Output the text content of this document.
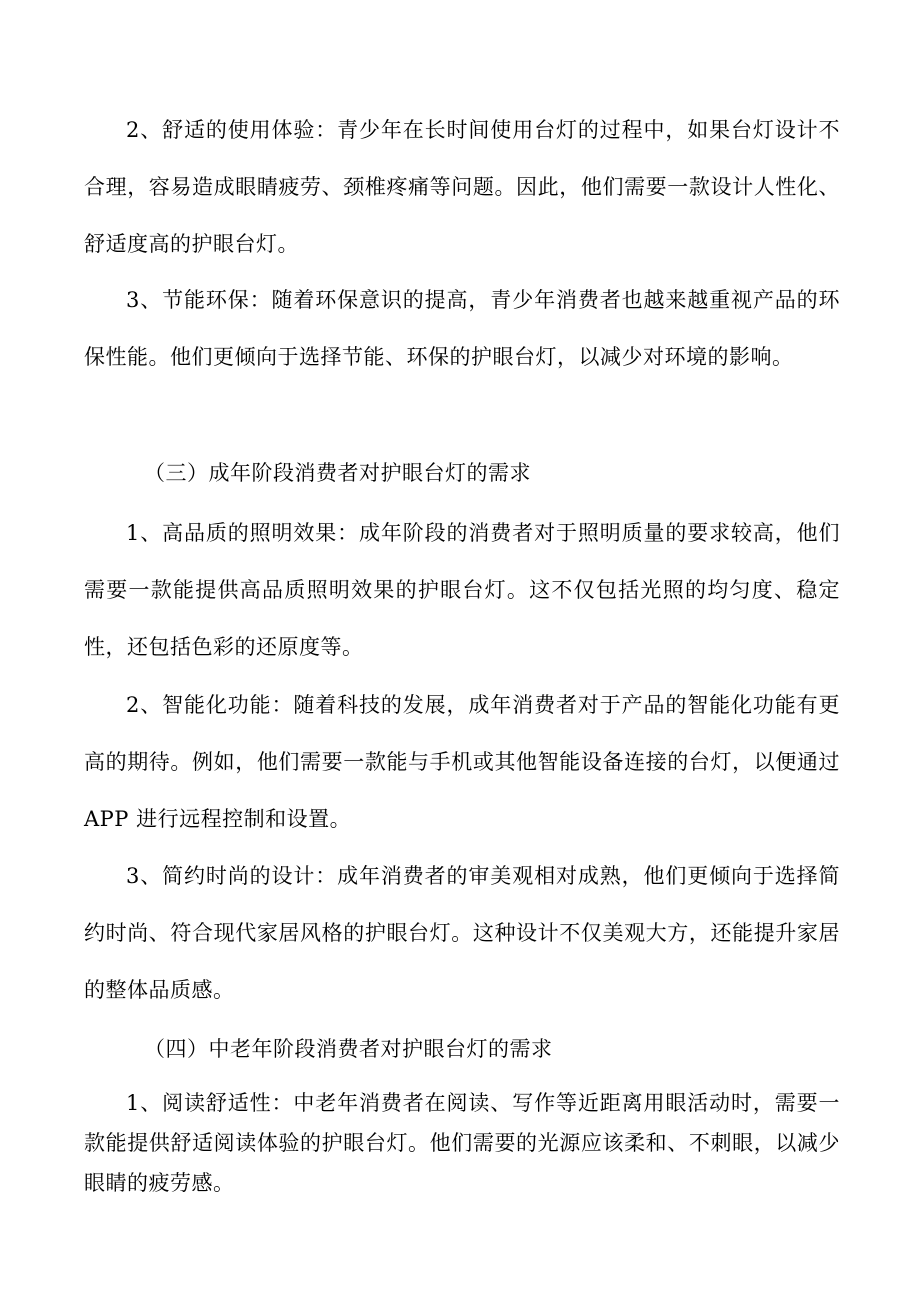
2、舒适的使用体验：青少年在长时间使用台灯的过程中，如果台灯设计不合理，容易造成眼睛疲劳、颈椎疼痛等问题。因此，他们需要一款设计人性化、舒适度高的护眼台灯。

3、节能环保：随着环保意识的提高，青少年消费者也越来越重视产品的环保性能。他们更倾向于选择节能、环保的护眼台灯，以减少对环境的影响。

（三）成年阶段消费者对护眼台灯的需求

1、高品质的照明效果：成年阶段的消费者对于照明质量的要求较高，他们需要一款能提供高品质照明效果的护眼台灯。这不仅包括光照的均匀度、稳定性，还包括色彩的还原度等。

2、智能化功能：随着科技的发展，成年消费者对于产品的智能化功能有更高的期待。例如，他们需要一款能与手机或其他智能设备连接的台灯，以便通过 APP 进行远程控制和设置。

3、简约时尚的设计：成年消费者的审美观相对成熟，他们更倾向于选择简约时尚、符合现代家居风格的护眼台灯。这种设计不仅美观大方，还能提升家居的整体品质感。

（四）中老年阶段消费者对护眼台灯的需求

1、阅读舒适性：中老年消费者在阅读、写作等近距离用眼活动时，需要一款能提供舒适阅读体验的护眼台灯。他们需要的光源应该柔和、不刺眼，以减少眼睛的疲劳感。
